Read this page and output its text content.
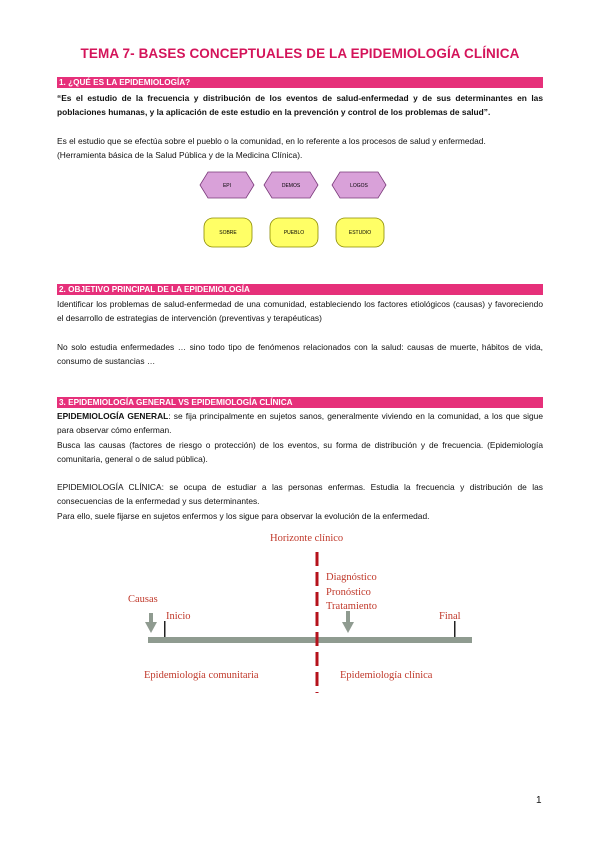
TEMA 7- BASES CONCEPTUALES DE LA EPIDEMIOLOGÍA CLÍNICA
1. ¿QUÉ ES LA EPIDEMIOLOGÍA?

“Es el estudio de la frecuencia y distribución de los eventos de salud-enfermedad y de sus determinantes en las poblaciones humanas, y la aplicación de este estudio en la prevención y control de los problemas de salud”.

Es el estudio que se efectúa sobre el pueblo o la comunidad, en lo referente a los procesos de salud y enfermedad.

(Herramienta básica de la Salud Pública y de la Medicina Clínica).

EPI	DEMOS	LOGOS
SOBRE	PUEBLO	ESTUDIO
2. OBJETIVO PRINCIPAL DE LA EPIDEMIOLOGÍA

Identificar los problemas de salud-enfermedad de una comunidad, estableciendo los factores etiológicos (causas) y favoreciendo el desarrollo de estrategias de intervención (preventivas y terapéuticas)

No solo estudia enfermedades … sino todo tipo de fenómenos relacionados con la salud: causas de muerte, hábitos de vida, consumo de sustancias …

3. EPIDEMIOLOGÍA GENERAL VS EPIDEMIOLOGÍA CLÍNICA

EPIDEMIOLOGÍA GENERAL: se fija principalmente en sujetos sanos, generalmente viviendo en la comunidad, a los que sigue para observar cómo enferman.

Busca las causas (factores de riesgo o protección) de los eventos, su forma de distribución y de frecuencia. (Epidemiología comunitaria, general o de salud pública).

EPIDEMIOLOGÍA CLÍNICA: se ocupa de estudiar a las personas enfermas. Estudia la frecuencia y distribución de las consecuencias de la enfermedad y sus determinantes.

Para ello, suele fijarse en sujetos enfermos y los sigue para observar la evolución de la enfermedad.

Horizonte clínico
Diagnóstico
Pronóstico
Tratamiento
Causas
Inicio	Final
Epidemiología comunitaria	Epidemiología clínica
1
